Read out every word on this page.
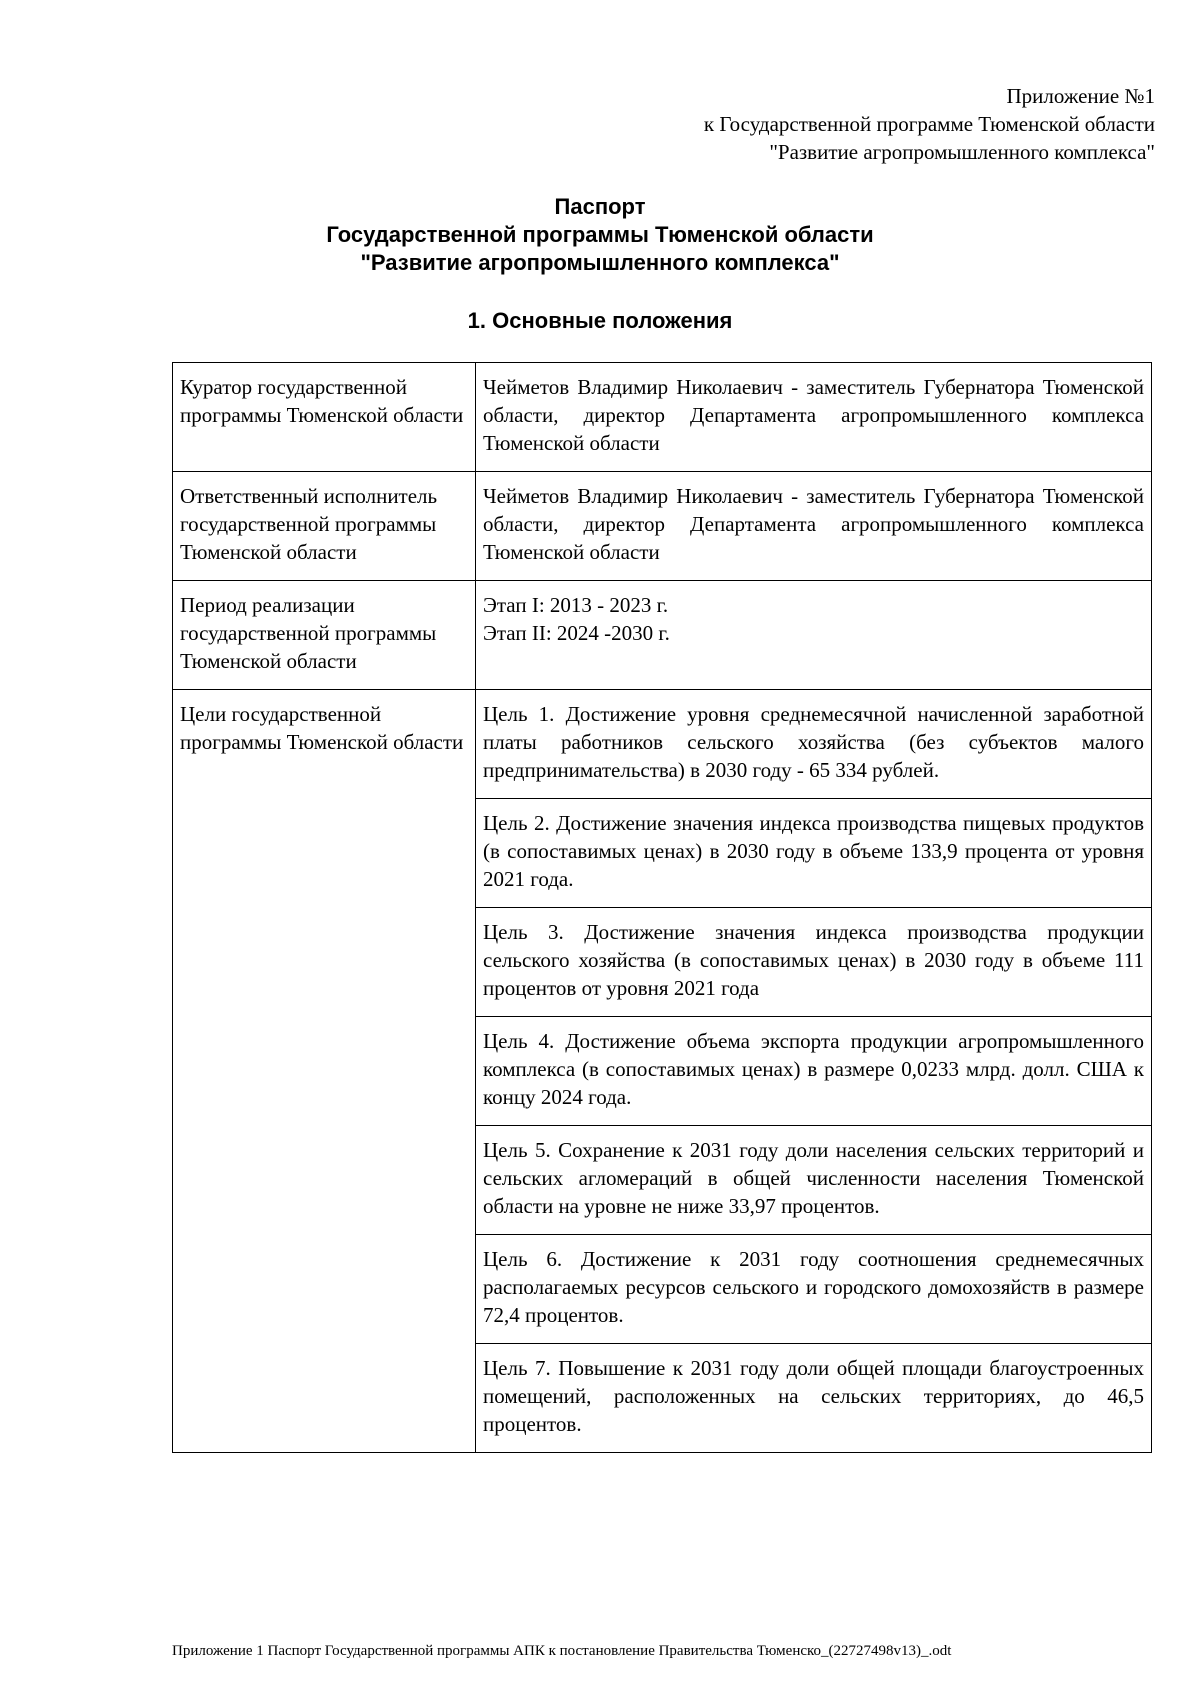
Приложение №1
к Государственной программе Тюменской области
"Развитие агропромышленного комплекса"
Паспорт
Государственной программы Тюменской области
"Развитие агропромышленного комплекса"
1. Основные положения
Куратор государственной программы Тюменской области	Чейметов Владимир Николаевич - заместитель Губернатора Тюменской области, директор Департамента агропромышленного комплекса Тюменской области
Ответственный исполнитель государственной программы Тюменской области	Чейметов Владимир Николаевич - заместитель Губернатора Тюменской области, директор Департамента агропромышленного комплекса Тюменской области
Период реализации государственной программы Тюменской области	Этап I: 2013 - 2023 г.
Этап II: 2024 -2030 г.

Цели государственной программы Тюменской области	Цель 1. Достижение уровня среднемесячной начисленной заработной платы работников сельского хозяйства (без субъектов малого предпринимательства) в 2030 году - 65 334 рублей.
	Цель 2. Достижение значения индекса производства пищевых продуктов (в сопоставимых ценах) в 2030 году в объеме 133,9 процента от уровня 2021 года.
	Цель 3. Достижение значения индекса производства продукции сельского хозяйства (в сопоставимых ценах) в 2030 году в объеме 111 процентов от уровня 2021 года
	Цель 4. Достижение объема экспорта продукции агропромышленного комплекса (в сопоставимых ценах) в размере 0,0233 млрд. долл. США к концу 2024 года.
	Цель 5. Сохранение к 2031 году доли населения сельских территорий и сельских агломераций в общей численности населения Тюменской области на уровне не ниже 33,97 процентов.
	Цель 6. Достижение к 2031 году соотношения среднемесячных располагаемых ресурсов сельского и городского домохозяйств в размере 72,4 процентов.
	Цель 7. Повышение к 2031 году доли общей площади благоустроенных помещений, расположенных на сельских территориях, до 46,5 процентов.
Приложение 1 Паспорт Государственной программы АПК к постановление Правительства Тюменско_(22727498v13)_.odt
